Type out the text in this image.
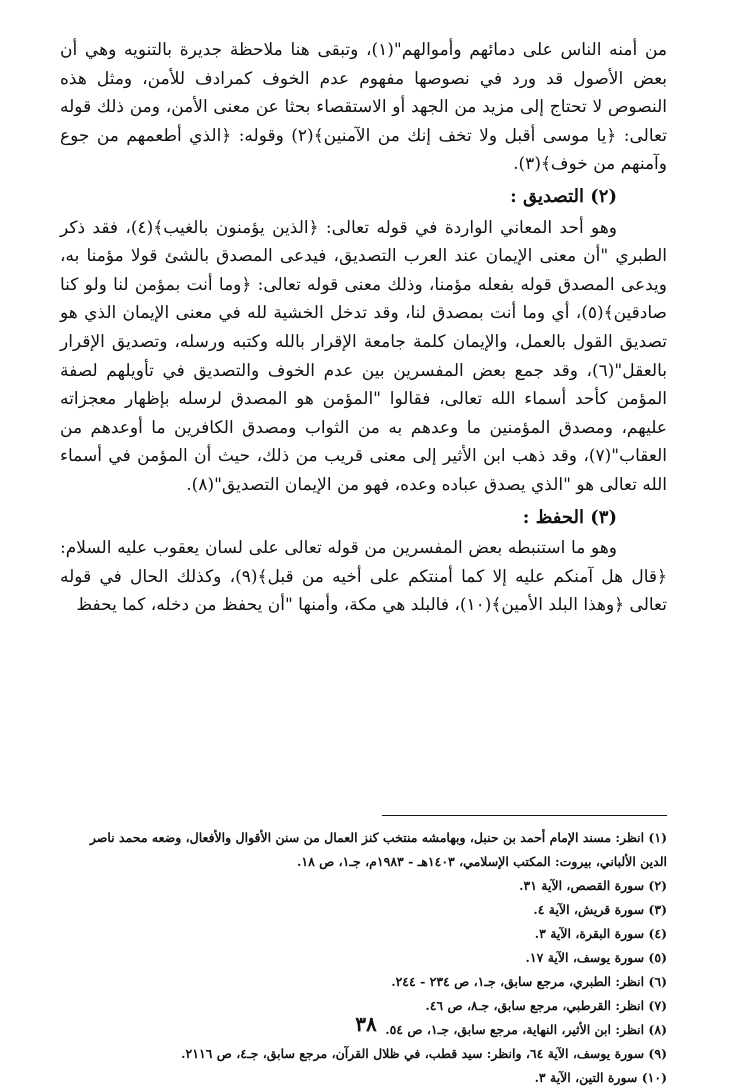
من أمنه الناس على دمائهم وأموالهم"(١)، وتبقى هنا ملاحظة جديرة بالتنويه وهي أن بعض الأصول قد ورد في نصوصها مفهوم عدم الخوف كمرادف للأمن، ومثل هذه النصوص لا تحتاج إلى مزيد من الجهد أو الاستقصاء بحثا عن معنى الأمن، ومن ذلك قوله تعالى: ﴿يا موسى أقبل ولا تخف إنك من الآمنين﴾(٢) وقوله: ﴿الذي أطعمهم من جوع وآمنهم من خوف﴾(٣).

(٢) التصديق :

وهو أحد المعاني الواردة في قوله تعالى: ﴿الذين يؤمنون بالغيب﴾(٤)، فقد ذكر الطبري "أن معنى الإيمان عند العرب التصديق، فيدعى المصدق بالشئ قولا مؤمنا به، ويدعى المصدق قوله بفعله مؤمنا، وذلك معنى قوله تعالى: ﴿وما أنت بمؤمن لنا ولو كنا صادقين﴾(٥)، أي وما أنت بمصدق لنا، وقد تدخل الخشية لله في معنى الإيمان الذي هو تصديق القول بالعمل، والإيمان كلمة جامعة الإقرار بالله وكتبه ورسله، وتصديق الإقرار بالعقل"(٦)، وقد جمع بعض المفسرين بين عدم الخوف والتصديق في تأويلهم لصفة المؤمن كأحد أسماء الله تعالى، فقالوا "المؤمن هو المصدق لرسله بإظهار معجزاته عليهم، ومصدق المؤمنين ما وعدهم به من الثواب ومصدق الكافرين ما أوعدهم من العقاب"(٧)، وقد ذهب ابن الأثير إلى معنى قريب من ذلك، حيث أن المؤمن في أسماء الله تعالى هو "الذي يصدق عباده وعده، فهو من الإيمان التصديق"(٨).

(٣) الحفظ :

وهو ما استنبطه بعض المفسرين من قوله تعالى على لسان يعقوب عليه السلام: ﴿قال هل آمنكم عليه إلا كما أمنتكم على أخيه من قبل﴾(٩)، وكذلك الحال في قوله تعالى ﴿وهذا البلد الأمين﴾(١٠)، فالبلد هي مكة، وأمنها "أن يحفظ من دخله، كما يحفظ

(١) انظر: مسند الإمام أحمد بن حنبل، وبهامشه منتخب كنز العمال من سنن الأقوال والأفعال، وضعه محمد ناصر الدين الألباني، بيروت: المكتب الإسلامي، ١٤٠٣هـ - ١٩٨٣م، جـ١، ص ١٨.
(٢) سورة القصص، الآية ٣١.
(٣) سورة قريش، الآية ٤.
(٤) سورة البقرة، الآية ٣.
(٥) سورة يوسف، الآية ١٧.
(٦) انظر: الطبري، مرجع سابق، جـ١، ص ٢٣٤ - ٢٤٤.
(٧) انظر: القرطبي، مرجع سابق، جـ٨، ص ٤٦.
(٨) انظر: ابن الأثير، النهاية، مرجع سابق، جـ١، ص ٥٤.
(٩) سورة يوسف، الآية ٦٤، وانظر: سيد قطب، في ظلال القرآن، مرجع سابق، جـ٤، ص ٢١١٦.
(١٠) سورة التين، الآية ٣.
٣٨
